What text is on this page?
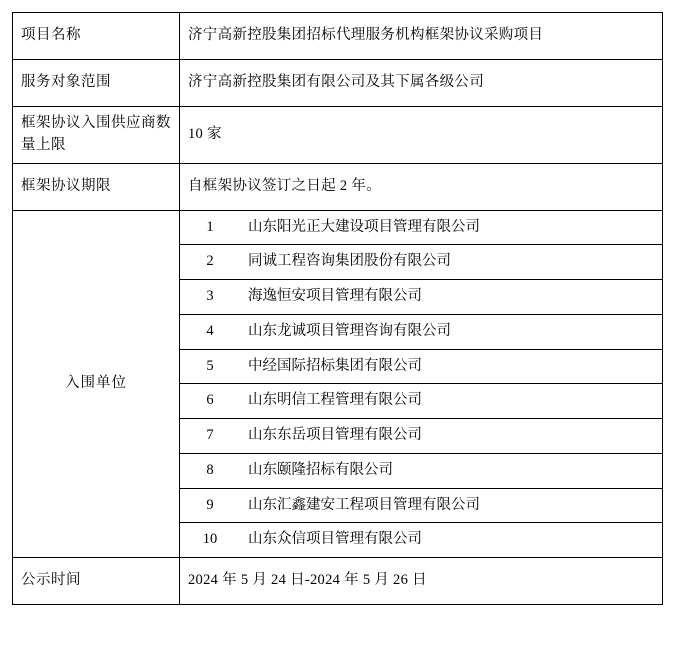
项目名称	济宁高新控股集团招标代理服务机构框架协议采购项目
服务对象范围	济宁高新控股集团有限公司及其下属各级公司
框架协议入围供应商数量上限	10 家
框架协议期限	自框架协议签订之日起 2 年。
入围单位	
1	山东阳光正大建设项目管理有限公司
2	同诚工程咨询集团股份有限公司
3	海逸恒安项目管理有限公司
4	山东龙诚项目管理咨询有限公司
5	中经国际招标集团有限公司
6	山东明信工程管理有限公司
7	山东东岳项目管理有限公司
8	山东颐隆招标有限公司
9	山东汇鑫建安工程项目管理有限公司
10	山东众信项目管理有限公司

公示时间	2024 年 5 月 24 日-2024 年 5 月 26 日
